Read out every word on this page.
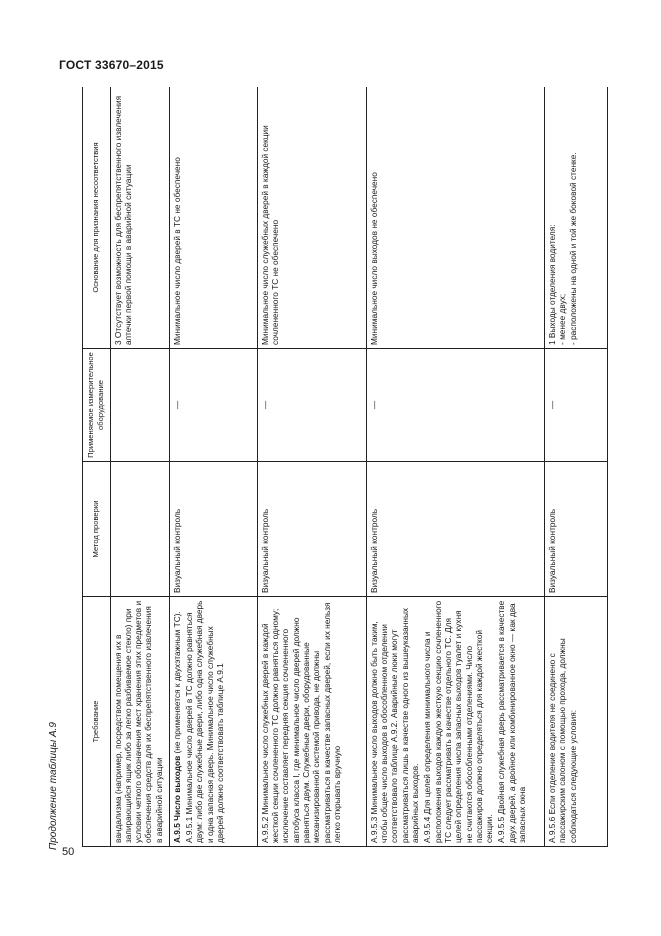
ГОСТ 33670–2015
Продолжение таблицы А.9
Требование	Метод проверки	Применяемое измерительное оборудование	Основание для признания несоответствия

вандализма (например, посредством помещения их в запирающийся ящик либо за легко разбиваемое стекло) при условии четкого обозначения мест хранения этих предметов и обеспечения средств для их беспрепятственного извлечения в аварийной ситуации			3 Отсутствует возможность для беспрепятственного извлечения аптечки первой помощи в аварийной ситуации

А.9.5 Число выходов (не применяется к двухэтажным ТС). А.9.5.1 Минимальное число дверей в ТС должно равняться двум: либо две служебные двери, либо одна служебная дверь и одна запасная дверь. Минимальное число служебных дверей должно соответствовать таблице А.9.1	Визуальный контроль	—	Минимальное число дверей в ТС не обеспечено

А.9.5.2 Минимальное число служебных дверей в каждой жесткой секции сочлененного ТС должно равняться одному; исключение составляет передняя секция сочлененного автобуса класса I, где минимальное число дверей должно равняться двум. Служебные двери, оборудованные механизированной системой привода, не должны рассматриваться в качестве запасных дверей, если их нельзя легко открывать вручную	Визуальный контроль	—	Минимальное число служебных дверей в каждой секции сочлененного ТС не обеспечено

А.9.5.3 Минимальное число выходов должно быть таким, чтобы общее число выходов в обособленном отделении соответствовало таблице А.9.2. Аварийные люки могут рассматриваться лишь в качестве одного из вышеуказанных аварийных выходов. А.9.5.4 Для целей определения минимального числа и расположения выходов каждую жесткую секцию сочлененного ТС следует рассматривать в качестве отдельного ТС. Для целей определения числа запасных выходов туалет и кухня не считаются обособленными отделениями. Число пассажиров должно определяться для каждой жесткой секции. А.9.5.5 Двойная служебная дверь рассматривается в качестве двух дверей, а двойное или комбинированное окно — как два запасных окна	Визуальный контроль	—	Минимальное число выходов не обеспечено

А.9.5.6 Если отделение водителя не соединено с пассажирским салоном с помощью прохода, должны соблюдаться следующие условия:	Визуальный контроль	—	1 Выходы отделения водителя: - менее двух; - расположены на одной и той же боковой стенке.

50
